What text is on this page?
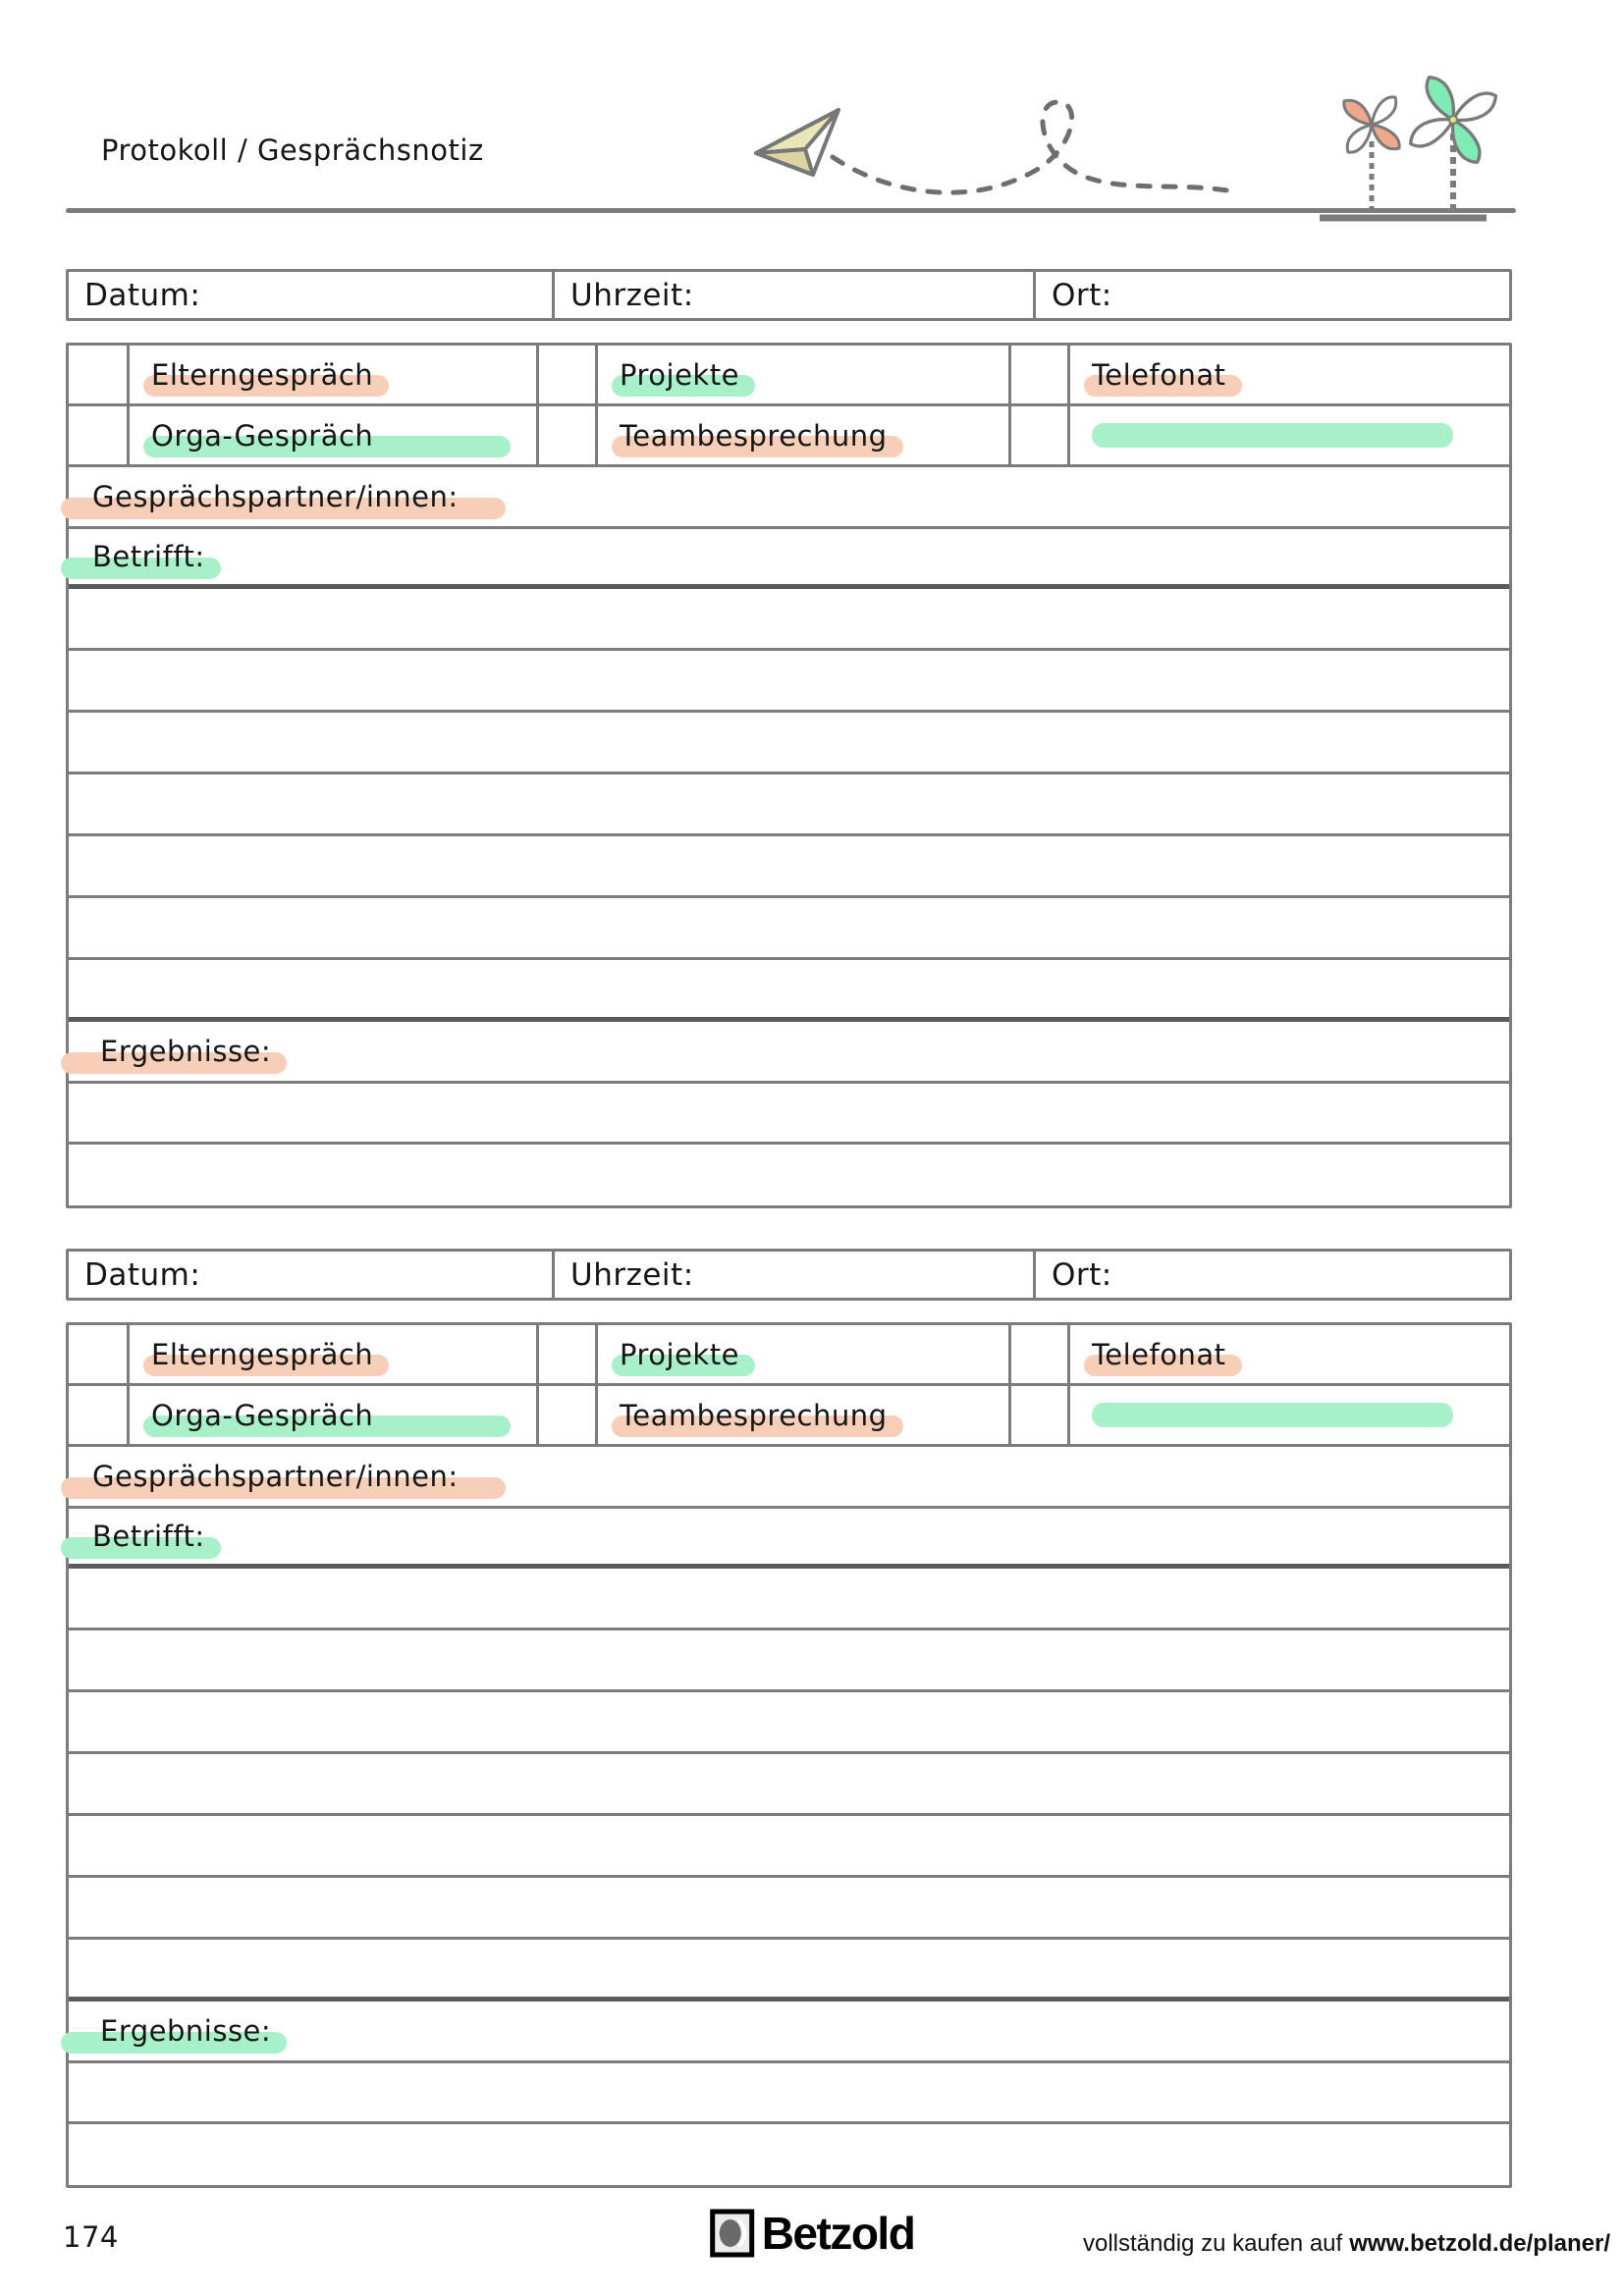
Protokoll / Gesprächsnotiz
Datum:	Uhrzeit:	Ort:
Elterngespräch	Projekte	Telefonat
Orga-Gespräch	Teambesprechung
Gesprächspartner/innen:
Betrifft:
Ergebnisse:
Datum:	Uhrzeit:	Ort:
Elterngespräch	Projekte	Telefonat
Orga-Gespräch	Teambesprechung
Gesprächspartner/innen:
Betrifft:
Ergebnisse:
174	Betzold	vollständig zu kaufen auf www.betzold.de/planer/
